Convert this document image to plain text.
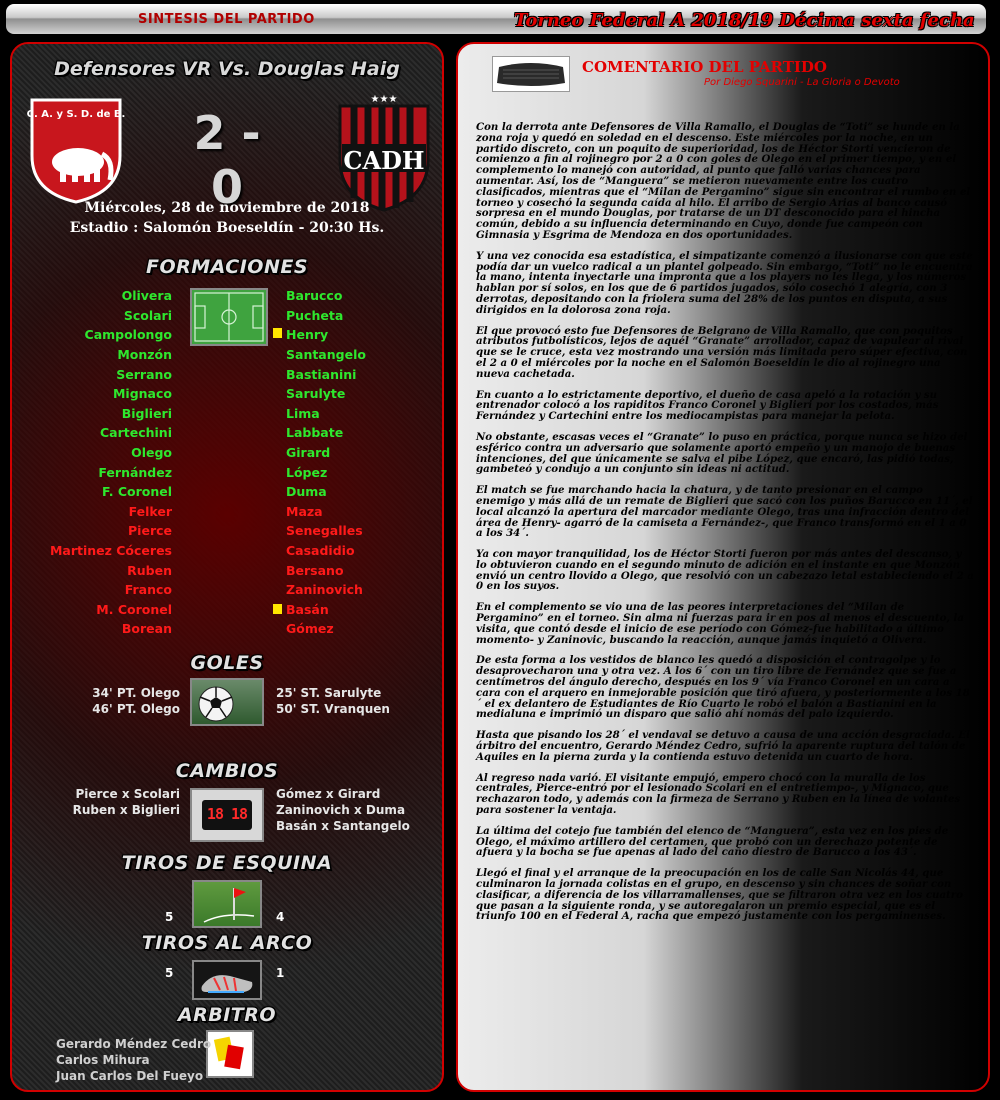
SINTESIS DEL PARTIDO	Torneo Federal A 2018/19 Décima sexta fecha
Defensores VR Vs. Douglas Haig
C. A. y S. D. de B.	2 - 0
★★★
CADH
Miércoles, 28 de noviembre de 2018
Estadio : Salomón Boeseldín - 20:30 Hs.
FORMACIONES
Olivera
Scolari
Campolongo
Monzón
Serrano
Mignaco
Biglieri
Cartechini
Olego
Fernández
F. Coronel
Felker
Pierce
Martinez Cóceres
Ruben
Franco
M. Coronel
Borean
Barucco
Pucheta
Henry
Santangelo
Bastianini
Sarulyte
Lima
Labbate
Girard
López
Duma
Maza
Senegalles
Casadidio
Bersano
Zaninovich
Basán
Gómez
GOLES
34' PT. Olego
46' PT. Olego
25' ST. Sarulyte
50' ST. Vranquen
CAMBIOS
18 18
Pierce x Scolari
Ruben x Biglieri
Gómez x Girard
Zaninovich x Duma
Basán x Santangelo
TIROS DE ESQUINA
5	4
TIROS AL ARCO
5	1
ARBITRO
Gerardo Méndez Cedro
Carlos Mihura
Juan Carlos Del Fueyo
COMENTARIO DEL PARTIDO
Por Diego Squarini - La Gloria o Devoto

Con la derrota ante Defensores de Villa Ramallo, el Douglas de “Toti” se hunde en la zona roja y quedó en soledad en el descenso. Este miércoles por la noche, en un partido discreto, con un poquito de superioridad, los de Héctor Storti vencieron de comienzo a fin al rojinegro por 2 a 0 con goles de Olego en el primer tiempo, y en el complemento lo manejó con autoridad, al punto que falló varias chances para aumentar. Así, los de “Manguera” se metieron nuevamente entre los cuatro clasificados, mientras que el “Milan de Pergamino” sigue sin encontrar el rumbo en el torneo y cosechó la segunda caída al hilo. El arribo de Sergio Arias al banco causó sorpresa en el mundo Douglas, por tratarse de un DT desconocido para el hincha común, debido a su influencia determinando en Cuyo, donde fue campeón con Gimnasia y Esgrima de Mendoza en dos oportunidades.

Y una vez conocida esa estadística, el simpatizante comenzó a ilusionarse con que este podía dar un vuelco radical a un plantel golpeado. Sin embargo, “Toti” no le encuentra la mano, intenta inyectarle una impronta que a los players no les llega, y los números hablan por sí solos, en los que de 6 partidos jugados, sólo cosechó 1 alegría, con 3 derrotas, depositando con la friolera suma del 28% de los puntos en disputa, a sus dirigidos en la dolorosa zona roja.

El que provocó esto fue Defensores de Belgrano de Villa Ramallo, que con poquitos atributos futbolísticos, lejos de aquél “Granate” arrollador, capaz de vapulear al rival que se le cruce, esta vez mostrando una versión más limitada pero súper efectiva, con el 2 a 0 el miércoles por la noche en el Salomón Boeseldín le dio al rojinegro una nueva cachetada.

En cuanto a lo estrictamente deportivo, el dueño de casa apeló a la rotación y su entrenador colocó a los rapiditos Franco Coronel y Biglieri por los costados, más Fernández y Cartechini entre los mediocampistas para manejar la pelota.

No obstante, escasas veces el “Granate” lo puso en práctica, porque nunca se hizo del esférico contra un adversario que solamente aportó empeño y un manojo de buenas intenciones, del que únicamente se salva el pibe López, que encaró, las pidió todas, gambeteó y condujo a un conjunto sin ideas ni actitud.

El match se fue marchando hacia la chatura, y de tanto presionar en el campo enemigo y más allá de un remate de Biglieri que sacó con los puños Barucco en 11´, el local alcanzó la apertura del marcador mediante Olego, tras una infracción dentro del área de Henry- agarró de la camiseta a Fernández-, que Franco transformó en el 1 a 0 a los 34´.

Ya con mayor tranquilidad, los de Héctor Storti fueron por más antes del descanso, y lo obtuvieron cuando en el segundo minuto de adición en el instante en que Monzón envió un centro llovido a Olego, que resolvió con un cabezazo letal estableciendo el 2 a 0 en los suyos.

En el complemento se vio una de las peores interpretaciones del “Milan de Pergamino” en el torneo. Sin alma ni fuerzas para ir en pos al menos el descuento, la visita, que contó desde el inicio de ese período con Gómez-fue habilitado a último momento- y Zaninovic, buscando la reacción, aunque jamás inquietó a Olivera.

De esta forma a los vestidos de blanco les quedó a disposición el contragolpe y lo desaprovecharon una y otra vez. A los 6´ con un tiro libre de Fernández que se fue a centímetros del ángulo derecho, después en los 9´ vía Franco Coronel en un cara a cara con el arquero en inmejorable posición que tiró afuera, y posteriormente a los 18´ el ex delantero de Estudiantes de Río Cuarto le robó el balón a Bastianini en la medialuna e imprimió un disparo que salió ahí nomás del palo izquierdo.

Hasta que pisando los 28´ el vendaval se detuvo a causa de una acción desgraciada. El árbitro del encuentro, Gerardo Méndez Cedro, sufrió la aparente ruptura del talón de Aquiles en la pierna zurda y la contienda estuvo detenida un cuarto de hora.

Al regreso nada varió. El visitante empujó, empero chocó con la muralla de los centrales, Pierce-entró por el lesionado Scolari en el entretiempo-, y Mignaco, que rechazaron todo, y además con la firmeza de Serrano y Ruben en la línea de volantes para sostener la ventaja.

La última del cotejo fue también del elenco de “Manguera”, esta vez en los pies de Olego, el máximo artillero del certamen, que probó con un derechazo potente de afuera y la bocha se fue apenas al lado del caño diestro de Barucco a los 43´.

Llegó el final y el arranque de la preocupación en los de calle San Nicolás 44, que culminaron la jornada colistas en el grupo, en descenso y sin chances de soñar con clasificar, a diferencia de los villarramallenses, que se filtraron otra vez en los cuatro que pasan a la siguiente ronda, y se autoregalaron un premio especial, que es el triunfo 100 en el Federal A, racha que empezó justamente con los pergaminenses.
